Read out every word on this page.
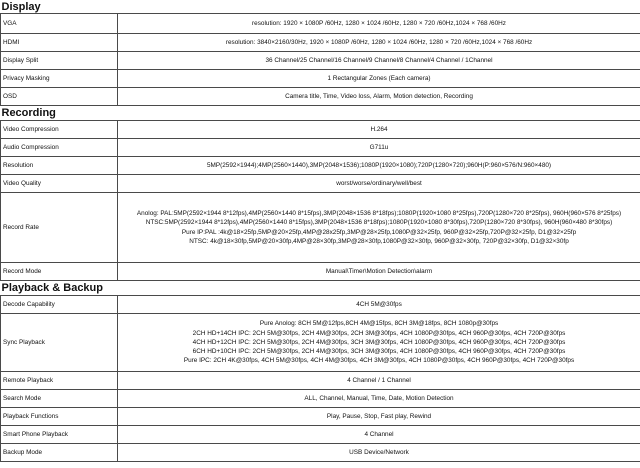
Display	
VGA	resolution: 1920 × 1080P /60Hz, 1280 × 1024 /60Hz, 1280 × 720 /60Hz,1024 × 768 /60Hz
HDMI	resolution: 3840×2160/30Hz, 1920 × 1080P /60Hz, 1280 × 1024 /60Hz, 1280 × 720 /60Hz,1024 × 768 /60Hz
Display Split	36 Channel/25 Channel/16 Channel/9 Channel/8 Channel/4 Channel / 1Channel
Privacy Masking	1 Rectangular Zones (Each camera)
OSD	Camera title, Time, Video loss, Alarm, Motion detection, Recording
Recording	
Video Compression	H.264
Audio Compression	G711u
Resolution	5MP(2592×1944);4MP(2560×1440),3MP(2048×1536);1080P(1920×1080);720P(1280×720);960H(P:960×576/N:960×480)
Video Quality	worst/worse/ordinary/well/best
Record Rate	Anolog: PAL:5MP(2592×1944 8*12fps),4MP(2560×1440 8*15fps),3MP(2048×1536 8*18fps);1080P(1920×1080 8*25fps),720P(1280×720 8*25fps), 960H(960×576 8*25fps)
NTSC:5MP(2592×1944 8*12fps),4MP(2560×1440 8*15fps),3MP(2048×1536 8*18fps);1080P(1920×1080 8*30fps),720P(1280×720 8*30fps), 960H(960×480 8*30fps)
Pure IP:PAL :4k@18×25fp,5MP@20×25fp,4MP@28x25fp,3MP@28×25fp,1080P@32×25fp, 960P@32×25fp,720P@32×25fp, D1@32×25fp
NTSC: 4k@18×30fp,5MP@20×30fp,4MP@28×30fp,3MP@28×30fp,1080P@32×30fp, 960P@32×30fp, 720P@32×30fp, D1@32×30fp

Record Mode	Manual\Timer\Motion Detection\alarm
Playback & Backup	
Decode Capability	4CH 5M@30fps
Sync Playback	Pure Anolog: 8CH 5M@12fps,8CH 4M@15fps, 8CH 3M@18fps, 8CH 1080p@30fps
2CH HD+14CH IPC: 2CH 5M@30fps, 2CH 4M@30fps, 2CH 3M@30fps, 4CH 1080P@30fps, 4CH 960P@30fps, 4CH 720P@30fps
4CH HD+12CH IPC: 2CH 5M@30fps, 2CH 4M@30fps, 3CH 3M@30fps, 4CH 1080P@30fps, 4CH 960P@30fps, 4CH 720P@30fps
6CH HD+10CH IPC: 2CH 5M@30fps, 2CH 4M@30fps, 3CH 3M@30fps, 4CH 1080P@30fps, 4CH 960P@30fps, 4CH 720P@30fps
Pure IPC: 2CH 4K@30fps, 4CH 5M@30fps, 4CH 4M@30fps, 4CH 3M@30fps, 4CH 1080P@30fps, 4CH 960P@30fps, 4CH 720P@30fps

Remote Playback	4 Channel / 1 Channel
Search Mode	ALL, Channel, Manual, Time, Date, Motion Detection
Playback Functions	Play, Pause, Stop, Fast play, Rewind
Smart Phone Playback	4 Channel
Backup Mode	USB Device/Network
